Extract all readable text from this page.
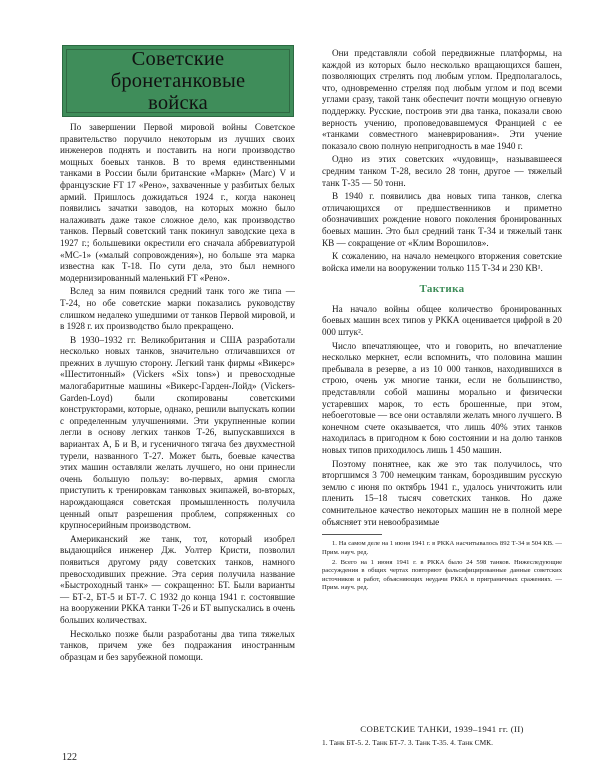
Советские
бронетанковые
войска

По завершении Первой мировой войны Советское правительство поручило некоторым из лучших своих инженеров поднять и поставить на ноги производство мощных боевых танков. В то время единственными танками в России были британские «Маркн» (Marc) V и французские FT 17 «Рено», захваченные у разбитых белых армий. Пришлось дожидаться 1924 г., когда наконец появились зачатки заводов, на которых можно было налаживать даже такое сложное дело, как производство танков. Первый советский танк покинул заводские цеха в 1927 г.; большевики окрестили его сначала аббревиатурой «МС-1» («малый сопровождения»), но больше эта марка известна как Т-18. По сути дела, это был немного модернизированный маленький FT «Рено».

Вслед за ним появился средний танк того же типа — Т-24, но обе советские марки показались руководству слишком недалеко ушедшими от танков Первой мировой, и в 1928 г. их производство было прекращено.

В 1930–1932 гг. Великобритания и США разработали несколько новых танков, значительно отличавшихся от прежних в лучшую сторону. Легкий танк фирмы «Викерс» «Шеститонный» (Vickers «Six tons») и превосходные малогабаритные машины «Викерс-Гарден-Лойд» (Vickers-Garden-Loyd) были скопированы советскими конструкторами, которые, однако, решили выпускать копии с определенным улучшениями. Эти укрупненные копии легли в основу легких танков Т-26, выпускавшихся в вариантах А, Б и В, и гусеничного тягача без двухместной турели, названного Т-27. Может быть, боевые качества этих машин оставляли желать лучшего, но они принесли очень большую пользу: во-первых, армия смогла приступить к тренировкам танковых экипажей, во-вторых, нарождающаяся советская промышленность получила ценный опыт разрешения проблем, сопряженных со крупносерийным производством.

Американский же танк, тот, который изобрел выдающийся инженер Дж. Уолтер Кристи, позволил появиться другому ряду советских танков, намного превосходивших прежние. Эта серия получила название «Быстроходный танк» — сокращенно: БТ. Были варианты — БТ-2, БТ-5 и БТ-7. С 1932 до конца 1941 г. состоявшие на вооружении РККА танки Т-26 и БТ выпускались в очень больших количествах.

Несколько позже были разработаны два типа тяжелых танков, причем уже без подражания иностранным образцам и без зарубежной помощи.

Они представляли собой передвижные платформы, на каждой из которых было несколько вращающихся башен, позволяющих стрелять под любым углом. Предполагалось, что, одновременно стреляя под любым углом и под всеми углами сразу, такой танк обеспечит почти мощную огневую поддержку. Русские, построив эти два танка, показали свою верность учению, проповедовавшемуся Францией с ее «танками совместного маневрирования». Эти учение показало свою полную непригодность в мае 1940 г.

Одно из этих советских «чудовищ», называвшееся средним танком Т-28, весило 28 тонн, другое — тяжелый танк Т-35 — 50 тонн.

В 1940 г. появились два новых типа танков, слегка отличающихся от предшественников и приметно обозначивших рождение нового поколения бронированных боевых машин. Это был средний танк Т-34 и тяжелый танк КВ — сокращение от «Клим Ворошилов».

К сожалению, на начало немецкого вторжения советские войска имели на вооружении только 115 Т-34 и 230 КВ¹.

Тактика

На начало войны общее количество бронированных боевых машин всех типов у РККА оценивается цифрой в 20 000 штук².

Число впечатляющее, что и говорить, но впечатление несколько меркнет, если вспомнить, что половина машин пребывала в резерве, а из 10 000 танков, находившихся в строю, очень уж многие танки, если не большинство, представляли собой машины морально и физически устаревших марок, то есть брошенные, при этом, небоеготовые — все они оставляли желать много лучшего. В конечном счете оказывается, что лишь 40% этих танков находилась в пригодном к бою состоянии и на долю танков новых типов приходилось лишь 1 450 машин.

Поэтому понятнее, как же это так получилось, что вторгшимся 3 700 немецким танкам, бороздившим русскую землю с июня по октябрь 1941 г., удалось уничтожить или пленить 15–18 тысяч советских танков. Но даже сомнительное качество некоторых машин не в полной мере объясняет эти невообразимые

1. На самом деле на 1 июня 1941 г. в РККА насчитывалось 892 Т-34 и 504 КВ. — Прим. науч. ред.

2. Всего на 1 июня 1941 г. в РККА было 24 598 танков. Нижеследующие рассуждения в общих чертах повторяют фальсифицированные данные советских источников и работ, объясняющих неудачи РККА в приграничных сражениях. — Прим. науч. ред.

СОВЕТСКИЕ ТАНКИ, 1939–1941 гг. (II)
1. Танк БТ-5. 2. Танк БТ-7. 3. Танк Т-35. 4. Танк СМК.
122
